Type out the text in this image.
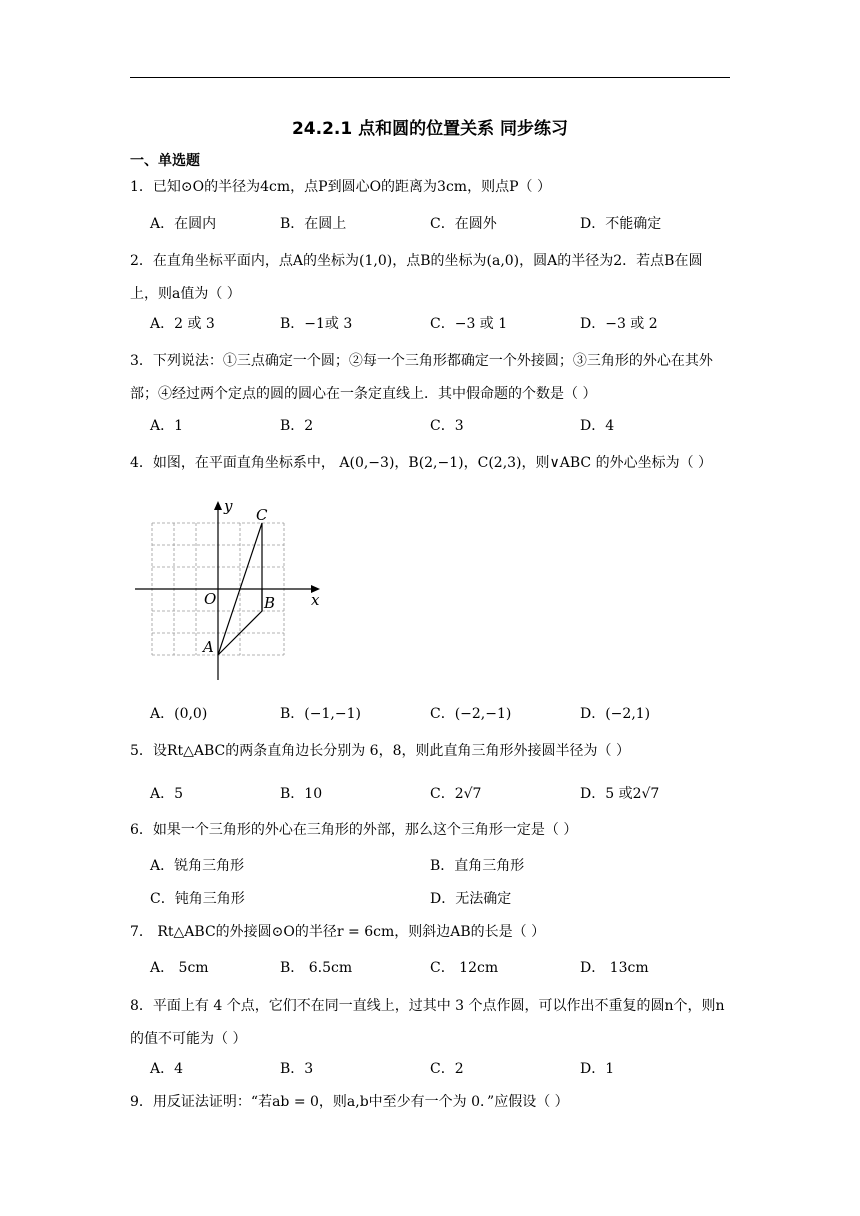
24.2.1 点和圆的位置关系 同步练习
一、单选题
1．已知⊙O的半径为4cm，点P到圆心O的距离为3cm，则点P（ ）
A．在圆内	B．在圆上	C．在圆外	D．不能确定
2．在直角坐标平面内，点A的坐标为(1,0)，点B的坐标为(a,0)，圆A的半径为2．若点B在圆上，则a值为（ ）
A．2 或 3	B．−1或 3	C．−3 或 1	D．−3 或 2
3．下列说法：①三点确定一个圆；②每一个三角形都确定一个外接圆；③三角形的外心在其外部；④经过两个定点的圆的圆心在一条定直线上．其中假命题的个数是（ ）
A．1	B．2	C．3	D．4
4．如图，在平面直角坐标系中， A(0,−3)，B(2,−1)，C(2,3)，则∨ABC 的外心坐标为（ ）
y
x
O
A
B
C
A．(0,0)	B．(−1,−1)	C．(−2,−1)	D．(−2,1)
5．设Rt△ABC的两条直角边长分别为 6，8，则此直角三角形外接圆半径为（ ）
A．5	B．10	C．2√7	D．5 或2√7
6．如果一个三角形的外心在三角形的外部，那么这个三角形一定是（ ）
A．锐角三角形	B．直角三角形
C．钝角三角形	D．无法确定
7． Rt△ABC的外接圆⊙O的半径r = 6cm，则斜边AB的长是（ ）
A． 5cm	B． 6.5cm	C． 12cm	D． 13cm
8．平面上有 4 个点，它们不在同一直线上，过其中 3 个点作圆，可以作出不重复的圆n个，则n的值不可能为（ ）
A．4	B．3	C．2	D．1
9．用反证法证明：“若ab = 0，则a,b中至少有一个为 0．”应假设（ ）
